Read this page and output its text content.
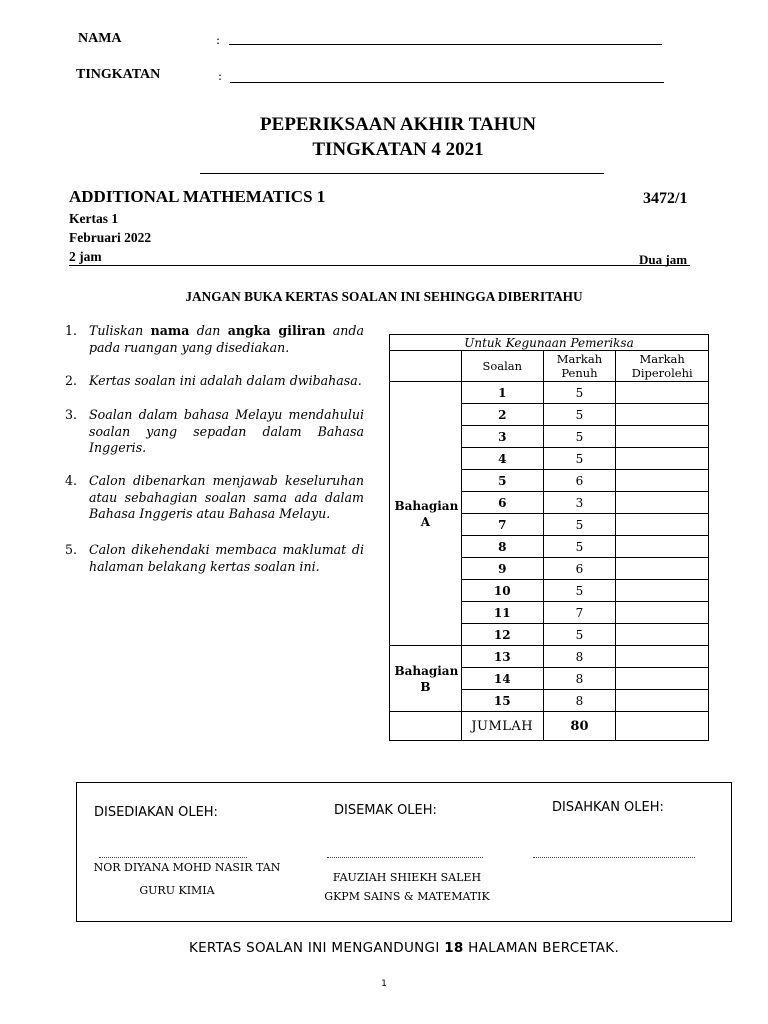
NAMA	:
TINGKATAN	:
PEPERIKSAAN AKHIR TAHUN
TINGKATAN 4 2021
ADDITIONAL MATHEMATICS 1	3472/1
Kertas 1
Februari 2022
2 jam	Dua jam
JANGAN BUKA KERTAS SOALAN INI SEHINGGA DIBERITAHU
1. Tuliskan nama dan angka giliran anda pada ruangan yang disediakan.
2. Kertas soalan ini adalah dalam dwibahasa.
3. Soalan dalam bahasa Melayu mendahului soalan yang sepadan dalam Bahasa Inggeris.
4. Calon dibenarkan menjawab keseluruhan atau sebahagian soalan sama ada dalam Bahasa Inggeris atau Bahasa Melayu.
5. Calon dikehendaki membaca maklumat di halaman belakang kertas soalan ini.
Untuk Kegunaan Pemeriksa			
	Soalan	Markah Penuh	Markah Diperolehi
Bahagian A	1	5	
	2	5	
	3	5	
	4	5	
	5	6	
	6	3	
	7	5	
	8	5	
	9	6	
	10	5	
	11	7	
	12	5	
Bahagian B	13	8	
	14	8	
	15	8	
	JUMLAH	80	
DISEDIAKAN OLEH:	DISEMAK OLEH:	DISAHKAN OLEH:
NOR DIYANA MOHD NASIR TAN
GURU KIMIA
FAUZIAH SHIEKH SALEH
GKPM SAINS & MATEMATIK
KERTAS SOALAN INI MENGANDUNGI 18 HALAMAN BERCETAK.
1
